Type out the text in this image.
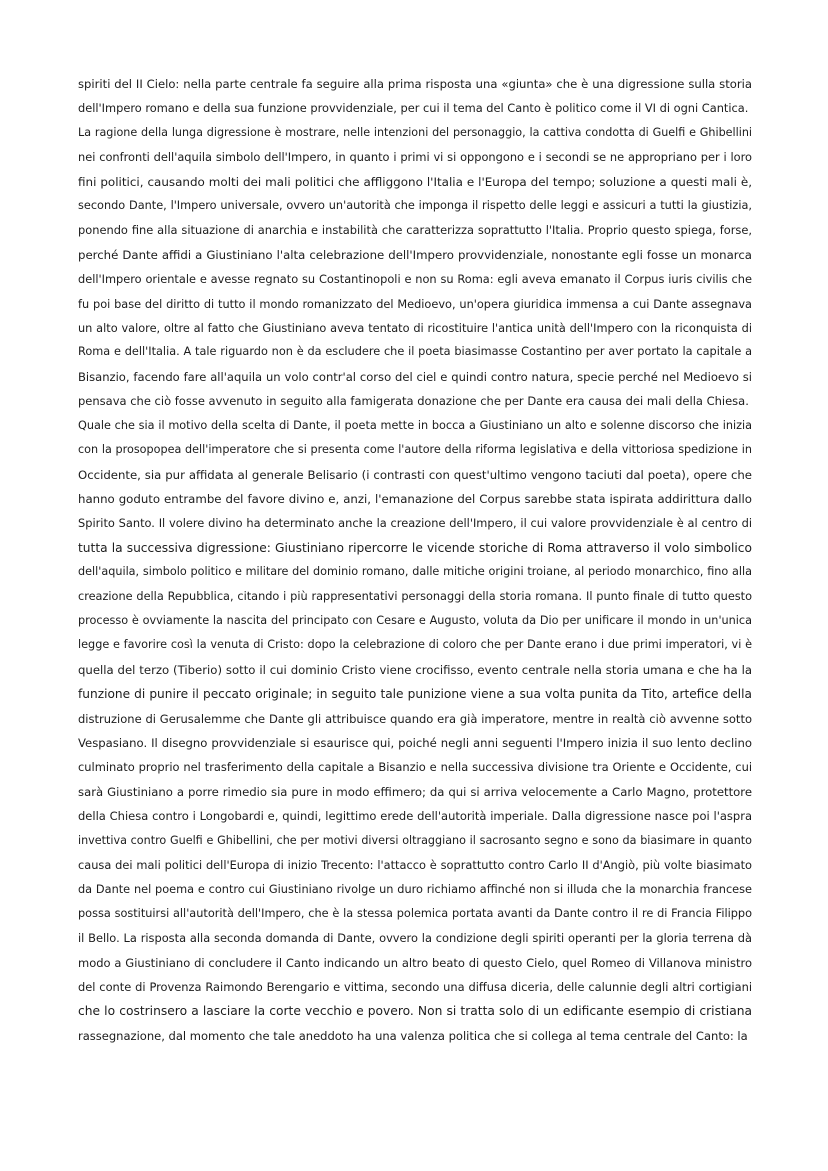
spiriti del II Cielo: nella parte centrale fa seguire alla prima risposta una «giunta» che è una digressione sulla storia
dell'Impero romano e della sua funzione provvidenziale, per cui il tema del Canto è politico come il VI di ogni Cantica.
La ragione della lunga digressione è mostrare, nelle intenzioni del personaggio, la cattiva condotta di Guelfi e Ghibellini
nei confronti dell'aquila simbolo dell'Impero, in quanto i primi vi si oppongono e i secondi se ne appropriano per i loro
fini politici, causando molti dei mali politici che affliggono l'Italia e l'Europa del tempo; soluzione a questi mali è,
secondo Dante, l'Impero universale, ovvero un'autorità che imponga il rispetto delle leggi e assicuri a tutti la giustizia,
ponendo fine alla situazione di anarchia e instabilità che caratterizza soprattutto l'Italia. Proprio questo spiega, forse,
perché Dante affidi a Giustiniano l'alta celebrazione dell'Impero provvidenziale, nonostante egli fosse un monarca
dell'Impero orientale e avesse regnato su Costantinopoli e non su Roma: egli aveva emanato il Corpus iuris civilis che
fu poi base del diritto di tutto il mondo romanizzato del Medioevo, un'opera giuridica immensa a cui Dante assegnava
un alto valore, oltre al fatto che Giustiniano aveva tentato di ricostituire l'antica unità dell'Impero con la riconquista di
Roma e dell'Italia. A tale riguardo non è da escludere che il poeta biasimasse Costantino per aver portato la capitale a
Bisanzio, facendo fare all'aquila un volo contr'al corso del ciel e quindi contro natura, specie perché nel Medioevo si
pensava che ciò fosse avvenuto in seguito alla famigerata donazione che per Dante era causa dei mali della Chiesa.
Quale che sia il motivo della scelta di Dante, il poeta mette in bocca a Giustiniano un alto e solenne discorso che inizia
con la prosopopea dell'imperatore che si presenta come l'autore della riforma legislativa e della vittoriosa spedizione in
Occidente, sia pur affidata al generale Belisario (i contrasti con quest'ultimo vengono taciuti dal poeta), opere che
hanno goduto entrambe del favore divino e, anzi, l'emanazione del Corpus sarebbe stata ispirata addirittura dallo
Spirito Santo. Il volere divino ha determinato anche la creazione dell'Impero, il cui valore provvidenziale è al centro di
tutta la successiva digressione: Giustiniano ripercorre le vicende storiche di Roma attraverso il volo simbolico
dell'aquila, simbolo politico e militare del dominio romano, dalle mitiche origini troiane, al periodo monarchico, fino alla
creazione della Repubblica, citando i più rappresentativi personaggi della storia romana. Il punto finale di tutto questo
processo è ovviamente la nascita del principato con Cesare e Augusto, voluta da Dio per unificare il mondo in un'unica
legge e favorire così la venuta di Cristo: dopo la celebrazione di coloro che per Dante erano i due primi imperatori, vi è
quella del terzo (Tiberio) sotto il cui dominio Cristo viene crocifisso, evento centrale nella storia umana e che ha la
funzione di punire il peccato originale; in seguito tale punizione viene a sua volta punita da Tito, artefice della
distruzione di Gerusalemme che Dante gli attribuisce quando era già imperatore, mentre in realtà ciò avvenne sotto
Vespasiano. Il disegno provvidenziale si esaurisce qui, poiché negli anni seguenti l'Impero inizia il suo lento declino
culminato proprio nel trasferimento della capitale a Bisanzio e nella successiva divisione tra Oriente e Occidente, cui
sarà Giustiniano a porre rimedio sia pure in modo effimero; da qui si arriva velocemente a Carlo Magno, protettore
della Chiesa contro i Longobardi e, quindi, legittimo erede dell'autorità imperiale. Dalla digressione nasce poi l'aspra
invettiva contro Guelfi e Ghibellini, che per motivi diversi oltraggiano il sacrosanto segno e sono da biasimare in quanto
causa dei mali politici dell'Europa di inizio Trecento: l'attacco è soprattutto contro Carlo II d'Angiò, più volte biasimato
da Dante nel poema e contro cui Giustiniano rivolge un duro richiamo affinché non si illuda che la monarchia francese
possa sostituirsi all'autorità dell'Impero, che è la stessa polemica portata avanti da Dante contro il re di Francia Filippo
il Bello. La risposta alla seconda domanda di Dante, ovvero la condizione degli spiriti operanti per la gloria terrena dà
modo a Giustiniano di concludere il Canto indicando un altro beato di questo Cielo, quel Romeo di Villanova ministro
del conte di Provenza Raimondo Berengario e vittima, secondo una diffusa diceria, delle calunnie degli altri cortigiani
che lo costrinsero a lasciare la corte vecchio e povero. Non si tratta solo di un edificante esempio di cristiana
rassegnazione, dal momento che tale aneddoto ha una valenza politica che si collega al tema centrale del Canto: la
